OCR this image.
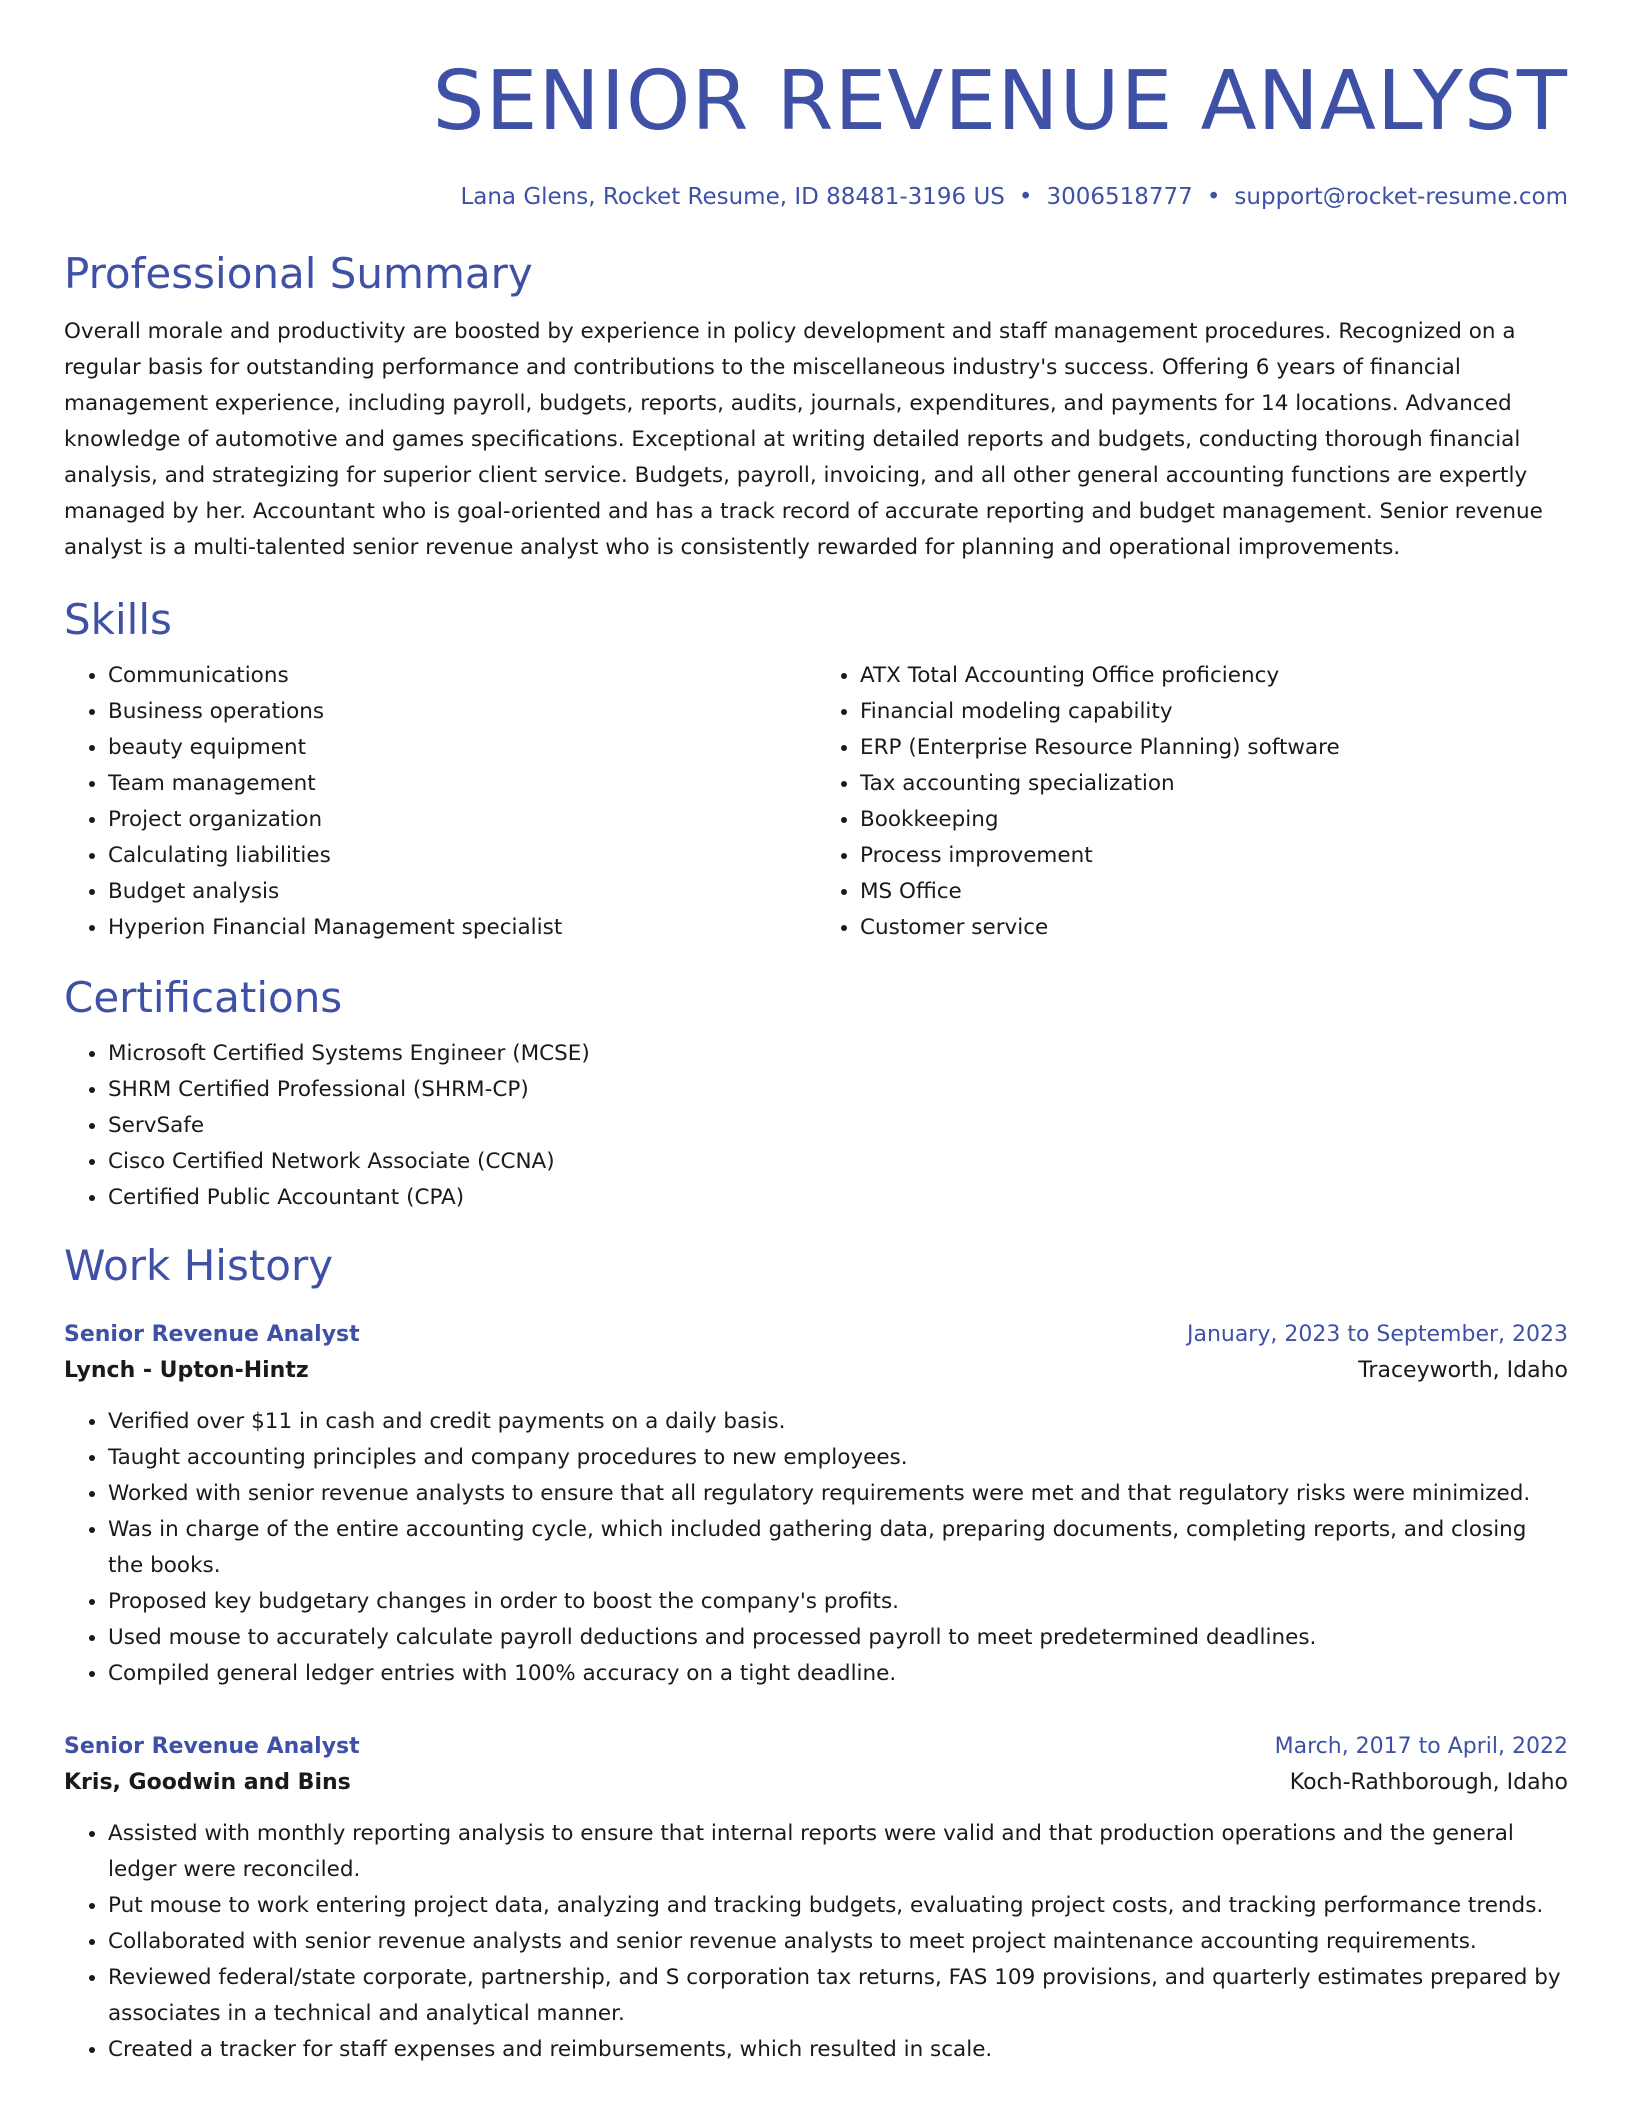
SENIOR REVENUE ANALYST
Lana Glens, Rocket Resume, ID 88481-3196 US • 3006518777 • support@rocket-resume.com
Professional Summary
Overall morale and productivity are boosted by experience in policy development and staff management procedures. Recognized on a regular basis for outstanding performance and contributions to the miscellaneous industry's success. Offering 6 years of financial management experience, including payroll, budgets, reports, audits, journals, expenditures, and payments for 14 locations. Advanced knowledge of automotive and games specifications. Exceptional at writing detailed reports and budgets, conducting thorough financial analysis, and strategizing for superior client service. Budgets, payroll, invoicing, and all other general accounting functions are expertly managed by her. Accountant who is goal-oriented and has a track record of accurate reporting and budget management. Senior revenue analyst is a multi-talented senior revenue analyst who is consistently rewarded for planning and operational improvements.
Skills
• Communications
• Business operations
• beauty equipment
• Team management
• Project organization
• Calculating liabilities
• Budget analysis
• Hyperion Financial Management specialist
• ATX Total Accounting Office proficiency
• Financial modeling capability
• ERP (Enterprise Resource Planning) software
• Tax accounting specialization
• Bookkeeping
• Process improvement
• MS Office
• Customer service
Certifications
• Microsoft Certified Systems Engineer (MCSE)
• SHRM Certified Professional (SHRM-CP)
• ServSafe
• Cisco Certified Network Associate (CCNA)
• Certified Public Accountant (CPA)
Work History
Senior Revenue Analyst	January, 2023 to September, 2023
Lynch - Upton-Hintz	Traceyworth, Idaho
• Verified over $11 in cash and credit payments on a daily basis.
• Taught accounting principles and company procedures to new employees.
• Worked with senior revenue analysts to ensure that all regulatory requirements were met and that regulatory risks were minimized.
• Was in charge of the entire accounting cycle, which included gathering data, preparing documents, completing reports, and closing the books.
• Proposed key budgetary changes in order to boost the company's profits.
• Used mouse to accurately calculate payroll deductions and processed payroll to meet predetermined deadlines.
• Compiled general ledger entries with 100% accuracy on a tight deadline.
Senior Revenue Analyst	March, 2017 to April, 2022
Kris, Goodwin and Bins	Koch-Rathborough, Idaho
• Assisted with monthly reporting analysis to ensure that internal reports were valid and that production operations and the general ledger were reconciled.
• Put mouse to work entering project data, analyzing and tracking budgets, evaluating project costs, and tracking performance trends.
• Collaborated with senior revenue analysts and senior revenue analysts to meet project maintenance accounting requirements.
• Reviewed federal/state corporate, partnership, and S corporation tax returns, FAS 109 provisions, and quarterly estimates prepared by associates in a technical and analytical manner.
• Created a tracker for staff expenses and reimbursements, which resulted in scale.
